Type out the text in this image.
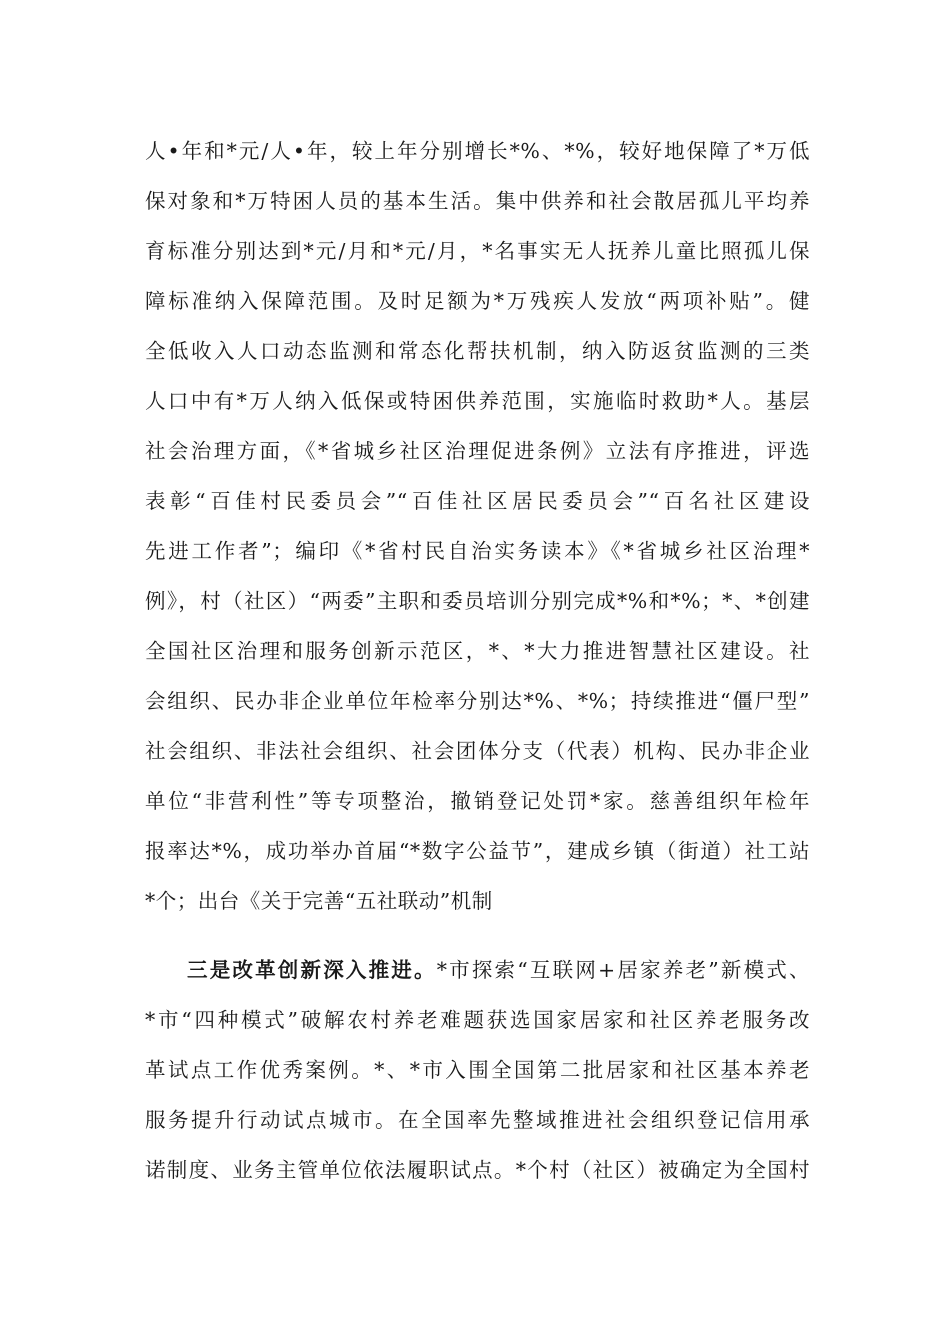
人•年和*元/人•年，较上年分别增长*%、*%，较好地保障了*万低
保对象和*万特困人员的基本生活。集中供养和社会散居孤儿平均养
育标准分别达到*元/月和*元/月，*名事实无人抚养儿童比照孤儿保
障标准纳入保障范围。及时足额为*万残疾人发放“两项补贴”。健
全低收入人口动态监测和常态化帮扶机制，纳入防返贫监测的三类
人口中有*万人纳入低保或特困供养范围，实施临时救助*人。基层
社会治理方面，《*省城乡社区治理促进条例》立法有序推进，评选
表彰“百佳村民委员会”“百佳社区居民委员会”“百名社区建设
先进工作者”；编印《*省村民自治实务读本》《*省城乡社区治理*
例》，村（社区）“两委”主职和委员培训分别完成*%和*%；*、*创建
全国社区治理和服务创新示范区，*、*大力推进智慧社区建设。社
会组织、民办非企业单位年检率分别达*%、*%；持续推进“僵尸型”
社会组织、非法社会组织、社会团体分支（代表）机构、民办非企业
单位“非营利性”等专项整治，撤销登记处罚*家。慈善组织年检年
报率达*%，成功举办首届“*数字公益节”，建成乡镇（街道）社工站
*个；出台《关于完善“五社联动”机制
三是改革创新深入推进。*市探索“互联网+居家养老”新模式、
*市“四种模式”破解农村养老难题获选国家居家和社区养老服务改
革试点工作优秀案例。*、*市入围全国第二批居家和社区基本养老
服务提升行动试点城市。在全国率先整域推进社会组织登记信用承
诺制度、业务主管单位依法履职试点。*个村（社区）被确定为全国村
